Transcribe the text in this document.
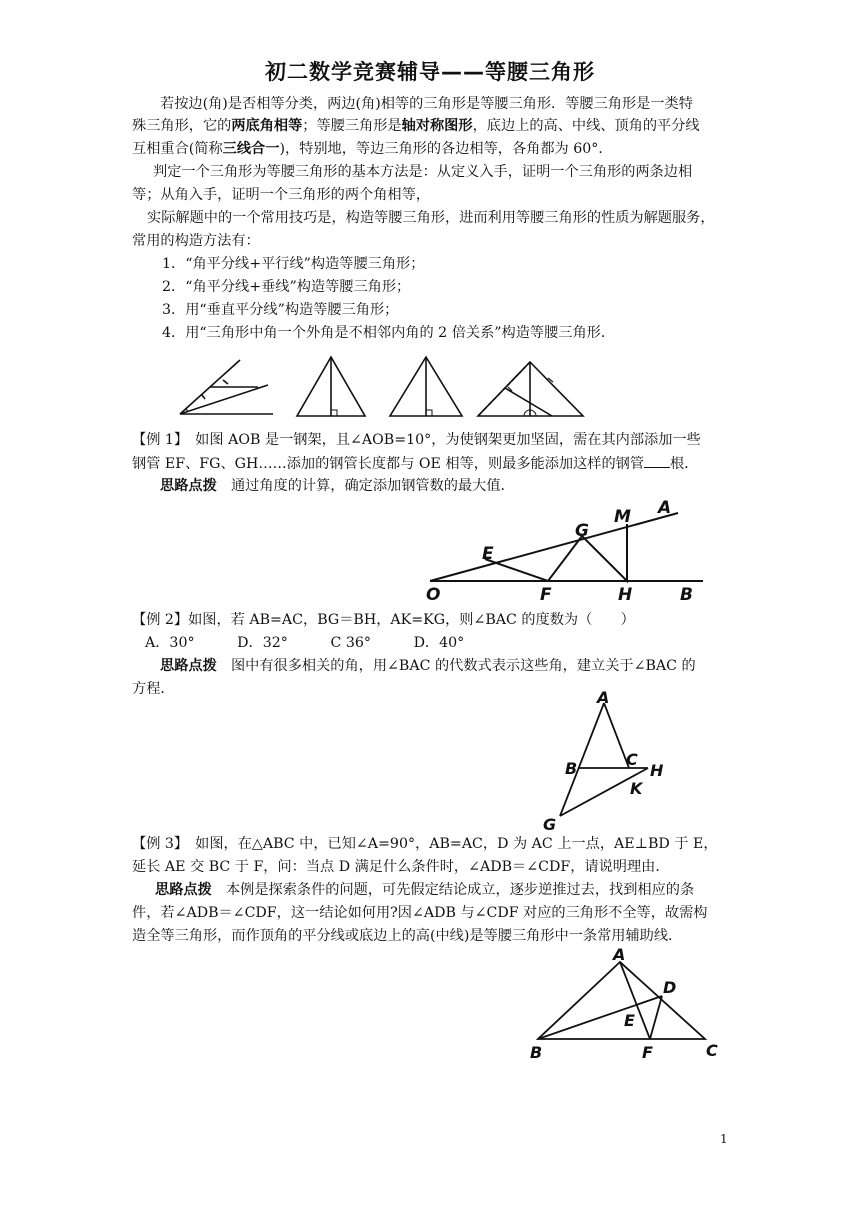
初二数学竞赛辅导——等腰三角形
若按边(角)是否相等分类，两边(角)相等的三角形是等腰三角形．等腰三角形是一类特
殊三角形，它的两底角相等；等腰三角形是轴对称图形，底边上的高、中线、顶角的平分线
互相重合(简称三线合一)，特别地，等边三角形的各边相等，各角都为 60°．
判定一个三角形为等腰三角形的基本方法是：从定义入手，证明一个三角形的两条边相
等；从角入手，证明一个三角形的两个角相等，
实际解题中的一个常用技巧是，构造等腰三角形，进而利用等腰三角形的性质为解题服务，
常用的构造方法有：
1．“角平分线+平行线”构造等腰三角形；
2．“角平分线+垂线”构造等腰三角形；
3．用“垂直平分线”构造等腰三角形；
4．用“三角形中角一个外角是不相邻内角的 2 倍关系”构造等腰三角形．
【例 1】　如图 AOB 是一钢架，且∠AOB=10°，为使钢架更加坚固，需在其内部添加一些
钢管 EF、FG、GH……添加的钢管长度都与 OE 相等，则最多能添加这样的钢管 根．
思路点拨　 通过角度的计算，确定添加钢管数的最大值．
O
E
F
G
M A
H	B
【例 2】如图，若 AB=AC，BG＝BH，AK=KG，则∠BAC 的度数为（　　）
A．30°　　　	D．32°　　　	C 36°　　　	D．40°
思路点拨　 图中有很多相关的角，用∠BAC 的代数式表示这些角，建立关于∠BAC 的
方程．	A
B	C
H
K
G
【例 3】　如图，在△ABC 中，已知∠A=90°，AB=AC，D 为 AC 上一点，AE⊥BD 于 E，
延长 AE 交 BC 于 F，问：当点 D 满足什么条件时，∠ADB＝∠CDF，请说明理由．
思路点拨　 本例是探索条件的问题，可先假定结论成立，逐步逆推过去，找到相应的条
件，若∠ADB＝∠CDF，这一结论如何用?因∠ADB 与∠CDF 对应的三角形不全等，故需构
造全等三角形，而作顶角的平分线或底边上的高(中线)是等腰三角形中一条常用辅助线．
A
D
E
B	F	C
1
